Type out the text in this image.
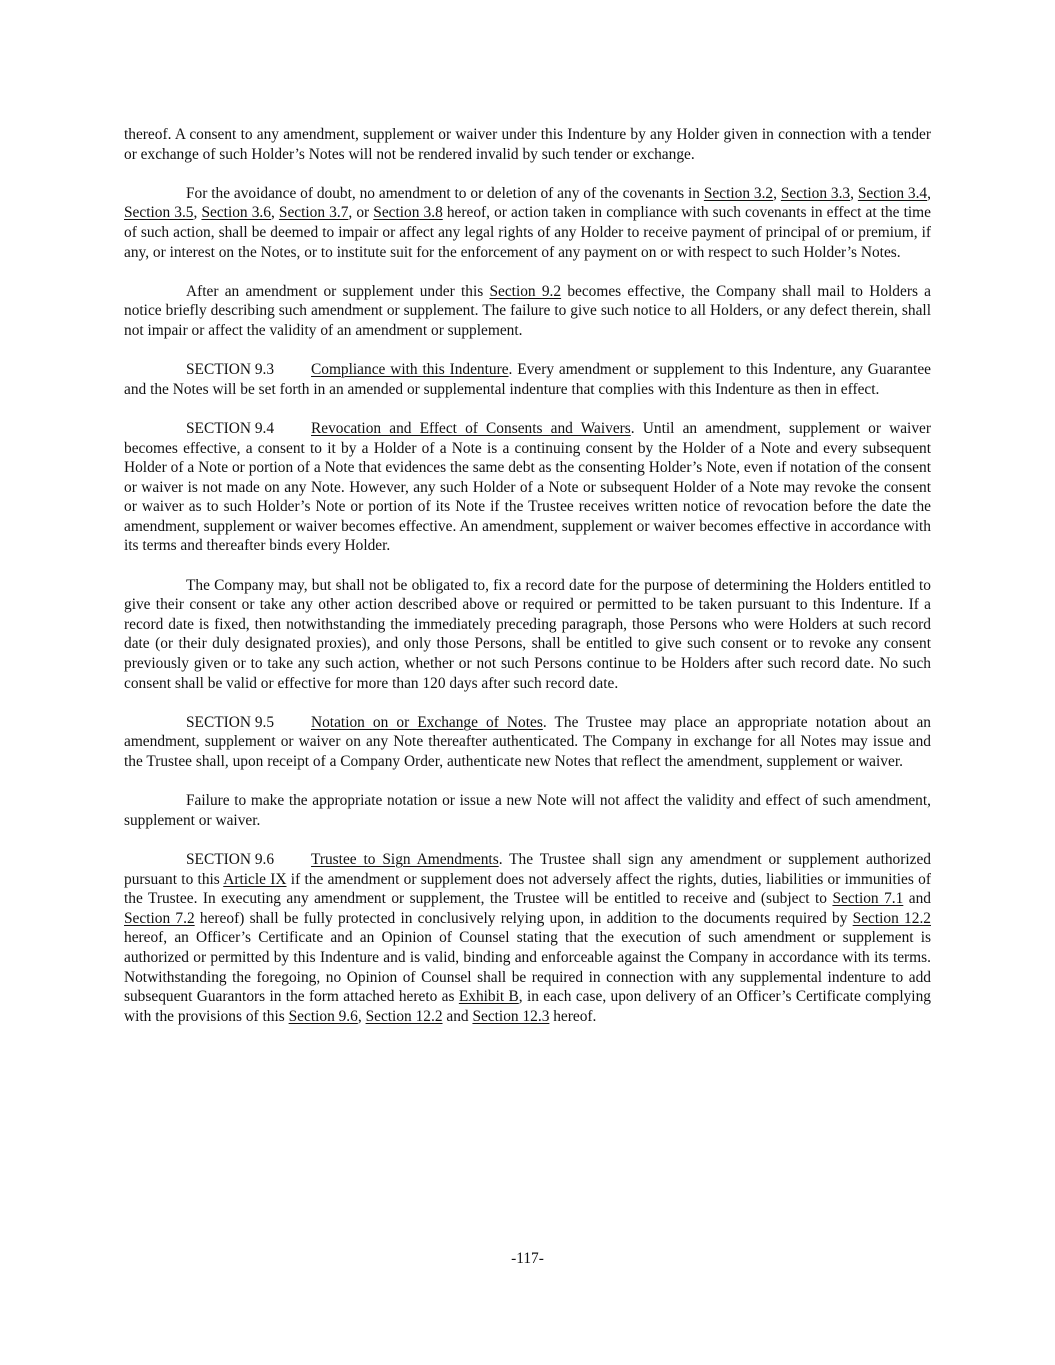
thereof. A consent to any amendment, supplement or waiver under this Indenture by any Holder given in connection with a tender or exchange of such Holder’s Notes will not be rendered invalid by such tender or exchange.

For the avoidance of doubt, no amendment to or deletion of any of the covenants in Section 3.2, Section 3.3, Section 3.4, Section 3.5, Section 3.6, Section 3.7, or Section 3.8 hereof, or action taken in compliance with such covenants in effect at the time of such action, shall be deemed to impair or affect any legal rights of any Holder to receive payment of principal of or premium, if any, or interest on the Notes, or to institute suit for the enforcement of any payment on or with respect to such Holder’s Notes.

After an amendment or supplement under this Section 9.2 becomes effective, the Company shall mail to Holders a notice briefly describing such amendment or supplement. The failure to give such notice to all Holders, or any defect therein, shall not impair or affect the validity of an amendment or supplement.

SECTION 9.3 Compliance with this Indenture. Every amendment or supplement to this Indenture, any Guarantee and the Notes will be set forth in an amended or supplemental indenture that complies with this Indenture as then in effect.

SECTION 9.4 Revocation and Effect of Consents and Waivers. Until an amendment, supplement or waiver becomes effective, a consent to it by a Holder of a Note is a continuing consent by the Holder of a Note and every subsequent Holder of a Note or portion of a Note that evidences the same debt as the consenting Holder’s Note, even if notation of the consent or waiver is not made on any Note. However, any such Holder of a Note or subsequent Holder of a Note may revoke the consent or waiver as to such Holder’s Note or portion of its Note if the Trustee receives written notice of revocation before the date the amendment, supplement or waiver becomes effective. An amendment, supplement or waiver becomes effective in accordance with its terms and thereafter binds every Holder.

The Company may, but shall not be obligated to, fix a record date for the purpose of determining the Holders entitled to give their consent or take any other action described above or required or permitted to be taken pursuant to this Indenture. If a record date is fixed, then notwithstanding the immediately preceding paragraph, those Persons who were Holders at such record date (or their duly designated proxies), and only those Persons, shall be entitled to give such consent or to revoke any consent previously given or to take any such action, whether or not such Persons continue to be Holders after such record date. No such consent shall be valid or effective for more than 120 days after such record date.

SECTION 9.5 Notation on or Exchange of Notes. The Trustee may place an appropriate notation about an amendment, supplement or waiver on any Note thereafter authenticated. The Company in exchange for all Notes may issue and the Trustee shall, upon receipt of a Company Order, authenticate new Notes that reflect the amendment, supplement or waiver.

Failure to make the appropriate notation or issue a new Note will not affect the validity and effect of such amendment, supplement or waiver.

SECTION 9.6 Trustee to Sign Amendments. The Trustee shall sign any amendment or supplement authorized pursuant to this Article IX if the amendment or supplement does not adversely affect the rights, duties, liabilities or immunities of the Trustee. In executing any amendment or supplement, the Trustee will be entitled to receive and (subject to Section 7.1 and Section 7.2 hereof) shall be fully protected in conclusively relying upon, in addition to the documents required by Section 12.2 hereof, an Officer’s Certificate and an Opinion of Counsel stating that the execution of such amendment or supplement is authorized or permitted by this Indenture and is valid, binding and enforceable against the Company in accordance with its terms. Notwithstanding the foregoing, no Opinion of Counsel shall be required in connection with any supplemental indenture to add subsequent Guarantors in the form attached hereto as Exhibit B, in each case, upon delivery of an Officer’s Certificate complying with the provisions of this Section 9.6, Section 12.2 and Section 12.3 hereof.

-117-
